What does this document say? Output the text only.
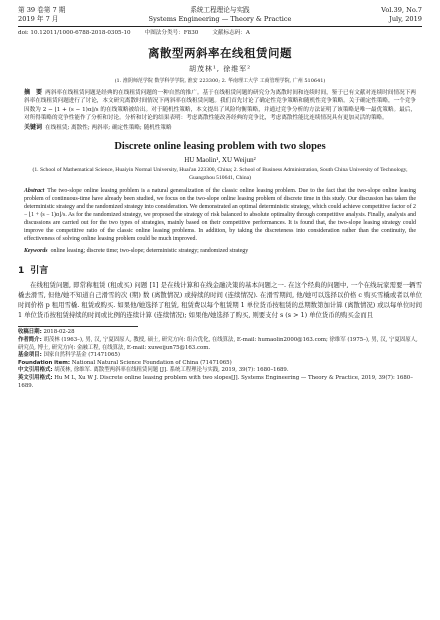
第 39 卷第 7 期	系统工程理论与实践	Vol.39, No.7
2019 年 7 月	Systems Engineering — Theory & Practice	July, 2019
doi: 10.12011/1000-6788-2018-0305-10	中图法分类号：F830	文献标志码：A
离散型两斜率在线租赁问题
胡茂林¹, 徐维军²
(1. 淮阴师范学院 数学科学学院, 淮安 223300; 2. 华南理工大学 工商管理学院, 广州 510641)
摘　要 两斜率在线租赁问题是经典的在线租赁问题的一种自然的推广。基于在线租赁问题的研究分为离散时间和连续时间，鉴于已有文献对连续时间情况下两斜率在线租赁问题进行了讨论，本文研究离散时间情况下两斜率在线租赁问题。我们首先讨论了确定性竞争策略和随机性竞争策略。关于确定性策略，一个竞争因数为 2 − ⌊1 + (s − 1)α⌋/s 的在线策略被给出。对于随机性策略，本文提出了风险均衡策略，并通过竞争分析的方法证明了该策略是唯一最优策略。最后，对所得策略的竞争性能作了分析和讨论。分析和讨论的结果表明：考虑离散性能改善经典的竞争比，考虑离散性能比连续情况具有更加灵活的策略。
关键词 在线租赁; 离散性; 两斜率; 确定性策略; 随机性策略
Discrete online leasing problem with two slopes
HU Maolin¹, XU Weijun²
(1. School of Mathematical Science, Huaiyin Normal University, Huai'an 223300, China; 2. School of Business Administration, South China University of Technology, Guangzhou 510641, China)
Abstract The two-slope online leasing problem is a natural generalization of the classic online leasing problem. Due to the fact that the two-slope online leasing problem of continuous-time have already been studied, we focus on the two-slope online leasing problem of discrete time in this study. Our discussion has taken the deterministic strategy and the randomized strategy into consideration. We demonstrated an optimal deterministic strategy, which could achieve competitive factor of 2 − ⌊1 + (s − 1)α⌋/s. As for the randomized strategy, we proposed the strategy of risk balanced to absolute optimality through competitive analysis. Finally, analysis and discussions are carried out for the two types of strategies, mainly based on their competitive performances. It is found that, the two-slope leasing strategy could improve the competitive ratio of the classic online leasing problems. In addition, by taking the discreteness into consideration rather than the continuity, the effectiveness of solving online leasing problem could be much improved.
Keywords online leasing; discrete time; two-slope; deterministic strategy; randomized strategy
1 引言
在线租赁问题, 即常称租赁 (租或买) 问题 [1] 是在线计算和在线金融决策的基本问题之一. 在这个经典的问题中, 一个在线玩家需要一辆雪橇去滑雪, 但他/她不知道自己滑雪的次 (期) 数 (离散情况) 或持续的时间 (连续情况). 在滑雪期间, 他/她可以选择以价格 c 购买雪橇或者以单位时间价格 p 租用雪橇. 租赁或购买. 如果他/她选择了租赁, 租赁费以每个租赁期 1 单位货币按租赁的总期数第加计算 (离散情况) 或以每单位时间 1 单位货币按租赁持续的时间或比例的连续计算 (连续情况); 如果他/她选择了购买, 则要支付 s (s > 1) 单位货币的购买金而且
收稿日期: 2018-02-28
作者简介: 胡茂林 (1963–), 男, 汉, 宁夏固原人, 教授, 硕士, 研究方向: 组合优化, 在线算法, E-mail: humaolin2000@163.com; 徐维军 (1975–), 男, 汉, 宁夏固原人, 研究员, 博士, 研究方向: 金融工程, 在线算法, E-mail: xuweijun75@163.com.
基金项目: 国家自然科学基金 (71471065)
Foundation item: National Natural Science Foundation of China (71471065)
中文引用格式: 胡茂林, 徐维军. 离散型两斜率在线租赁问题 [J]. 系统工程理论与实践, 2019, 39(7): 1680–1689.
英文引用格式: Hu M L, Xu W J. Discrete online leasing problem with two slopes[J]. Systems Engineering — Theory & Practice, 2019, 39(7): 1680–1689.
